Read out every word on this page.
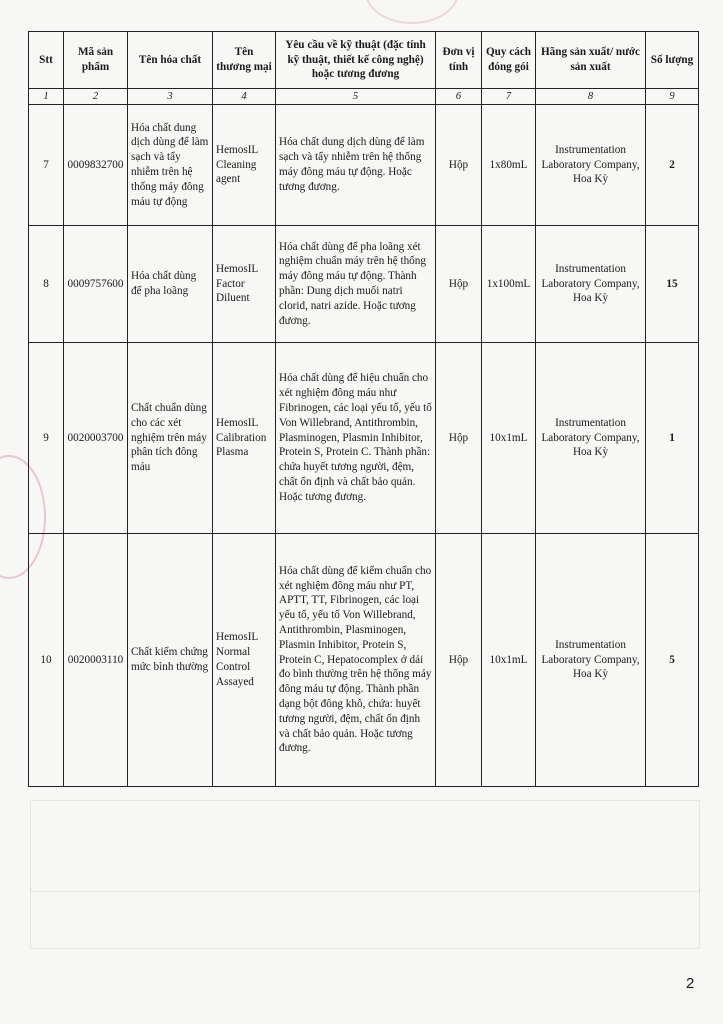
Stt	Mã sản phẩm	Tên hóa chất	Tên thương mại	Yêu cầu về kỹ thuật (đặc tính kỹ thuật, thiết kế công nghệ) hoặc tương đương	Đơn vị tính	Quy cách đóng gói	Hãng sản xuất/ nước sản xuất	Số lượng
1	2	3	4	5	6	7	8	9
7	0009832700	Hóa chất dung dịch dùng để làm sạch và tẩy nhiễm trên hệ thống máy đông máu tự động	HemosIL Cleaning agent	Hóa chất dung dịch dùng để làm sạch và tẩy nhiễm trên hệ thống máy đông máu tự động. Hoặc tương đương.	Hộp	1x80mL	Instrumentation Laboratory Company, Hoa Kỳ	2
8	0009757600	Hóa chất dùng để pha loãng	HemosIL Factor Diluent	Hóa chất dùng để pha loãng xét nghiệm chuẩn máy trên hệ thống máy đông máu tự động. Thành phần: Dung dịch muối natri clorid, natri azide. Hoặc tương đương.	Hộp	1x100mL	Instrumentation Laboratory Company, Hoa Kỳ	15
9	0020003700	Chất chuẩn dùng cho các xét nghiệm trên máy phân tích đông máu	HemosIL Calibration Plasma	Hóa chất dùng để hiệu chuẩn cho xét nghiệm đông máu như Fibrinogen, các loại yếu tố, yếu tố Von Willebrand, Antithrombin, Plasminogen, Plasmin Inhibitor, Protein S, Protein C. Thành phần: chứa huyết tương người, đệm, chất ổn định và chất bảo quản. Hoặc tương đương.	Hộp	10x1mL	Instrumentation Laboratory Company, Hoa Kỳ	1
10	0020003110	Chất kiểm chứng mức bình thường	HemosIL Normal Control Assayed	Hóa chất dùng để kiểm chuẩn cho xét nghiệm đông máu như PT, APTT, TT, Fibrinogen, các loại yếu tố, yếu tố Von Willebrand, Antithrombin, Plasminogen, Plasmin Inhibitor, Protein S, Protein C, Hepatocomplex ở dải đo bình thường trên hệ thống máy đông máu tự động. Thành phần dạng bột đông khô, chứa: huyết tương người, đệm, chất ổn định và chất bảo quản. Hoặc tương đương.	Hộp	10x1mL	Instrumentation Laboratory Company, Hoa Kỳ	5
2
